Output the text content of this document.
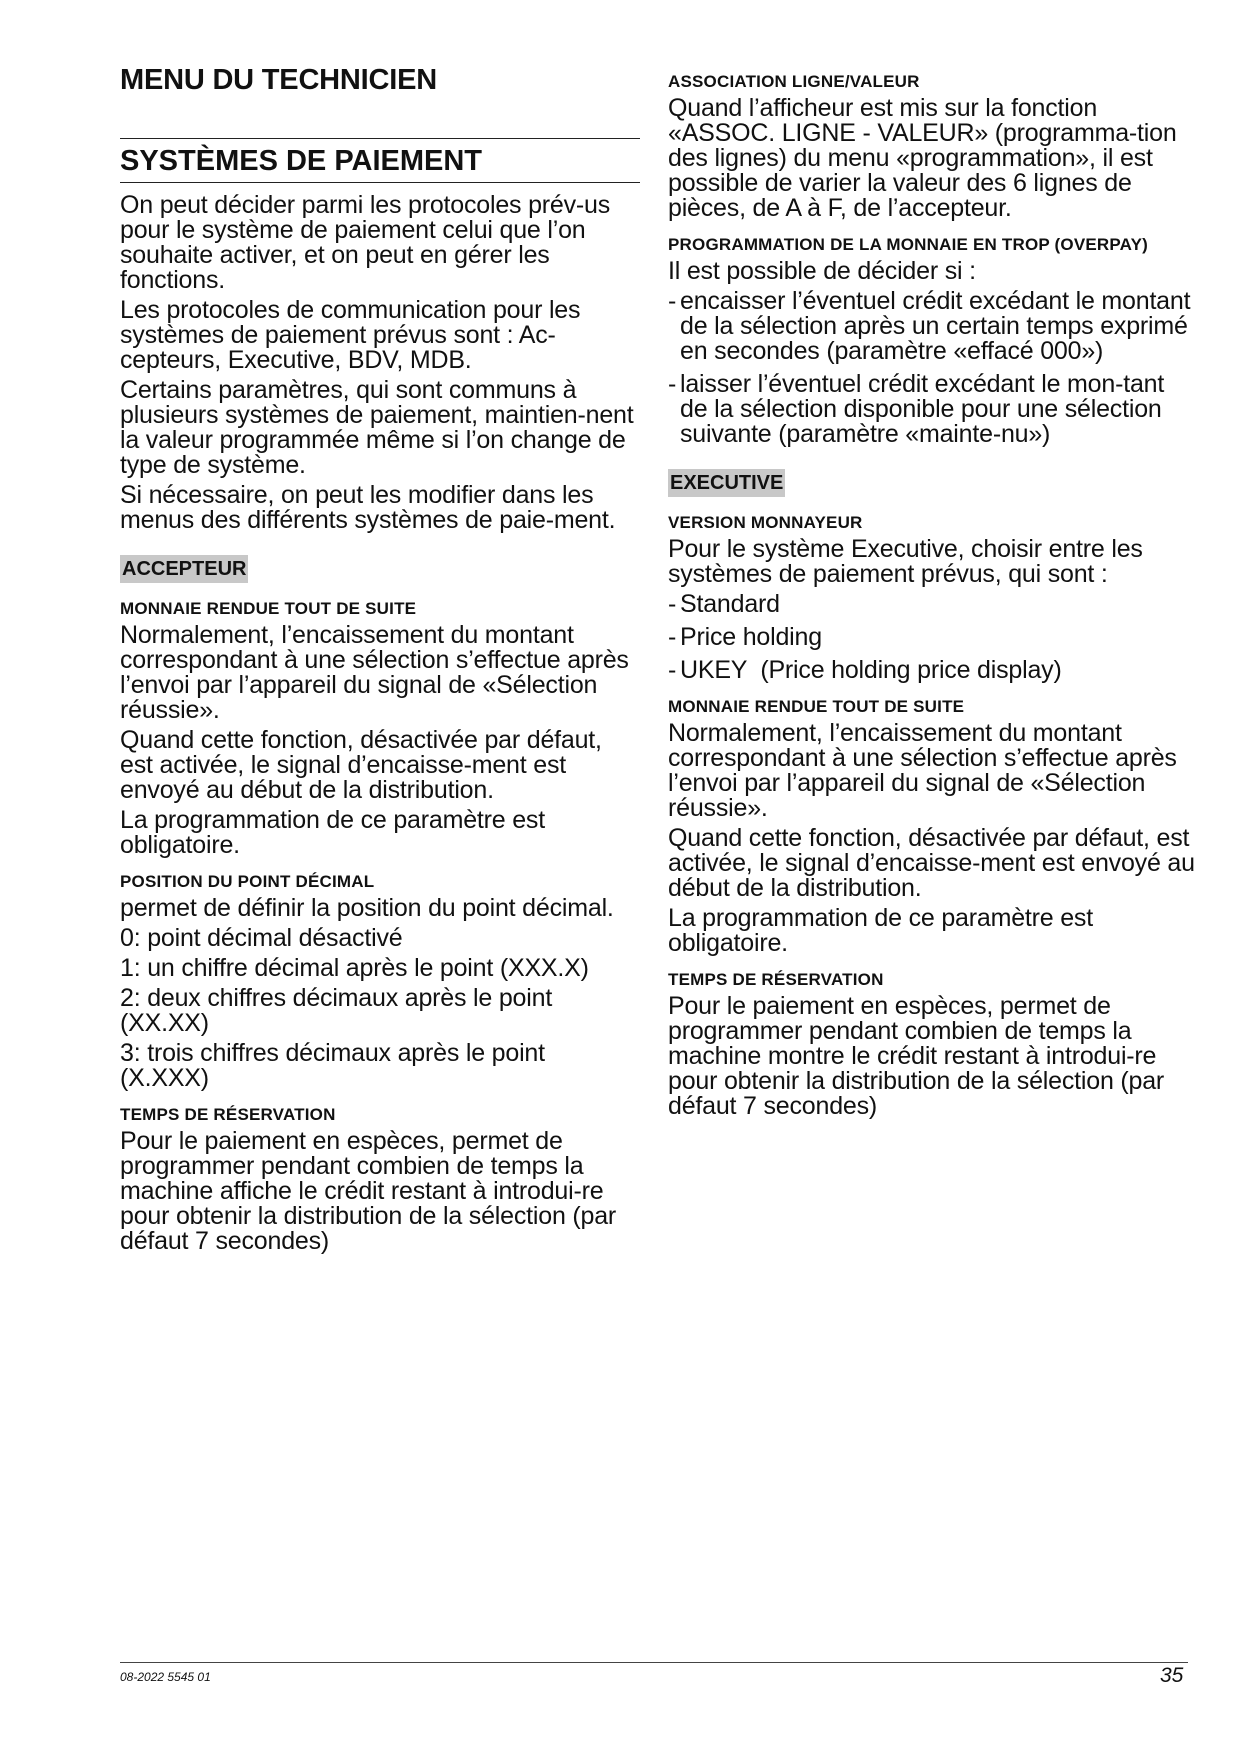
MENU DU TECHNICIEN
SYSTÈMES DE PAIEMENT

On peut décider parmi les protocoles prév-us pour le système de paiement celui que l’on souhaite activer, et on peut en gérer les fonctions.

Les protocoles de communication pour les systèmes de paiement prévus sont : Ac-cepteurs, Executive, BDV, MDB.

Certains paramètres, qui sont communs à plusieurs systèmes de paiement, maintien-nent la valeur programmée même si l’on change de type de système.

Si nécessaire, on peut les modifier dans les menus des différents systèmes de paie-ment.

ACCEPTEUR
MONNAIE RENDUE TOUT DE SUITE

Normalement, l’encaissement du montant correspondant à une sélection s’effectue après l’envoi par l’appareil du signal de «Sélection réussie».

Quand cette fonction, désactivée par défaut, est activée, le signal d’encaisse-ment est envoyé au début de la distribution.

La programmation de ce paramètre est obligatoire.

POSITION DU POINT DÉCIMAL

permet de définir la position du point décimal.

0: point décimal désactivé

1: un chiffre décimal après le point (XXX.X)

2: deux chiffres décimaux après le point (XX.XX)

3: trois chiffres décimaux après le point (X.XXX)

TEMPS DE RÉSERVATION

Pour le paiement en espèces, permet de programmer pendant combien de temps la machine affiche le crédit restant à introdui-re pour obtenir la distribution de la sélection (par défaut 7 secondes)

ASSOCIATION LIGNE/VALEUR

Quand l’afficheur est mis sur la fonction «ASSOC. LIGNE - VALEUR» (programma-tion des lignes) du menu «programmation», il est possible de varier la valeur des 6 lignes de pièces, de A à F, de l’accepteur.

PROGRAMMATION DE LA MONNAIE EN TROP (OVERPAY)

Il est possible de décider si :

- encaisser l’éventuel crédit excédant le montant de la sélection après un certain temps exprimé en secondes (paramètre «effacé 000»)
- laisser l’éventuel crédit excédant le mon-tant de la sélection disponible pour une sélection suivante (paramètre «mainte-nu»)
EXECUTIVE
VERSION MONNAYEUR

Pour le système Executive, choisir entre les systèmes de paiement prévus, qui sont :

- Standard
- Price holding
- UKEY  (Price holding price display)
MONNAIE RENDUE TOUT DE SUITE

Normalement, l’encaissement du montant correspondant à une sélection s’effectue après l’envoi par l’appareil du signal de «Sélection réussie».

Quand cette fonction, désactivée par défaut, est activée, le signal d’encaisse-ment est envoyé au début de la distribution.

La programmation de ce paramètre est obligatoire.

TEMPS DE RÉSERVATION

Pour le paiement en espèces, permet de programmer pendant combien de temps la machine montre le crédit restant à introdui-re pour obtenir la distribution de la sélection (par défaut 7 secondes)

08-2022 5545 01	35
